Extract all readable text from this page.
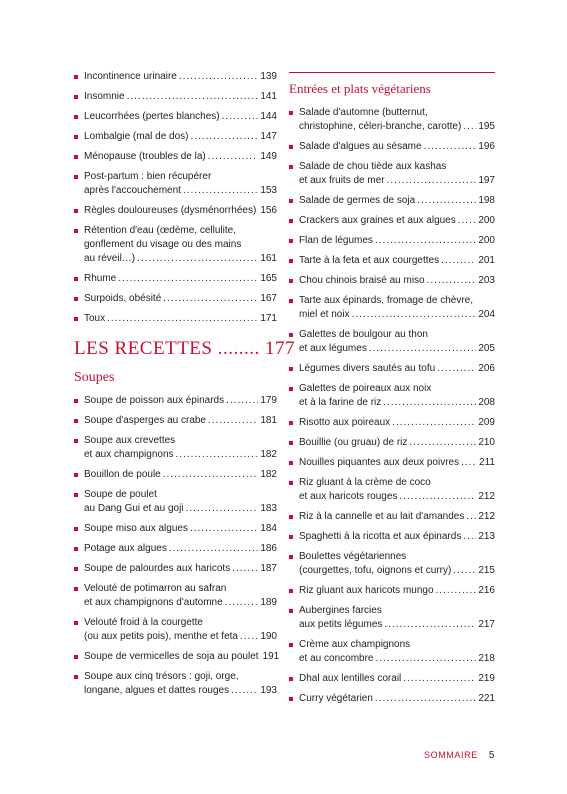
Incontinence urinaire .....	139
Insomnie .....	141
Leucorrhées (pertes blanches) .....	144
Lombalgie (mal de dos) .....	147
Ménopause (troubles de la) .....	149
Post-partum : bien récupérer
après l'accouchement .....	153
Règles douloureuses (dysménorrhées) 156
Rétention d'eau (œdème, cellulite,
gonflement du visage ou des mains
au réveil…) .....	161
Rhume .....	165
Surpoids, obésité .....	167
Toux .....	171
LES RECETTES ........ 177
Soupes
Soupe de poisson aux épinards .....	179
Soupe d'asperges au crabe .....	181
Soupe aux crevettes
et aux champignons .....	182
Bouillon de poule .....	182
Soupe de poulet
au Dang Gui et au goji .....	183
Soupe miso aux algues .....	184
Potage aux algues .....	186
Soupe de palourdes aux haricots .....	187
Velouté de potimarron au safran
et aux champignons d'automne .....	189
Velouté froid à la courgette
(ou aux petits pois), menthe et feta ..... 190
Soupe de vermicelles de soja au poulet 191
Soupe aux cinq trésors : goji, orge,
longane, algues et dattes rouges .....	193
Entrées et plats végétariens
Salade d'automne (butternut,
christophine, céleri-branche, carotte) ..... 195
Salade d'algues au sésame .....	196
Salade de chou tiède aux kashas
et aux fruits de mer .....	197
Salade de germes de soja .....	198
Crackers aux graines et aux algues ..... 200
Flan de légumes .....	200
Tarte à la feta et aux courgettes .....	201
Chou chinois braisé au miso .....	203
Tarte aux épinards, fromage de chèvre,
miel et noix .....	204
Galettes de boulgour au thon
et aux légumes .....	205
Légumes divers sautés au tofu .....	206
Galettes de poireaux aux noix
et à la farine de riz .....	208
Risotto aux poireaux .....	209
Bouillie (ou gruau) de riz .....	210
Nouilles piquantes aux deux poivres ..... 211
Riz gluant à la crème de coco
et aux haricots rouges .....	212
Riz à la cannelle et au lait d'amandes ..... 212
Spaghetti à la ricotta et aux épinards ..... 213
Boulettes végétariennes
(courgettes, tofu, oignons et curry) .....	215
Riz gluant aux haricots mungo .....	216
Aubergines farcies
aux petits légumes .....	217
Crème aux champignons
et au concombre .....	218
Dhal aux lentilles corail .....	219
Curry végétarien .....	221
SOMMAIRE 5
